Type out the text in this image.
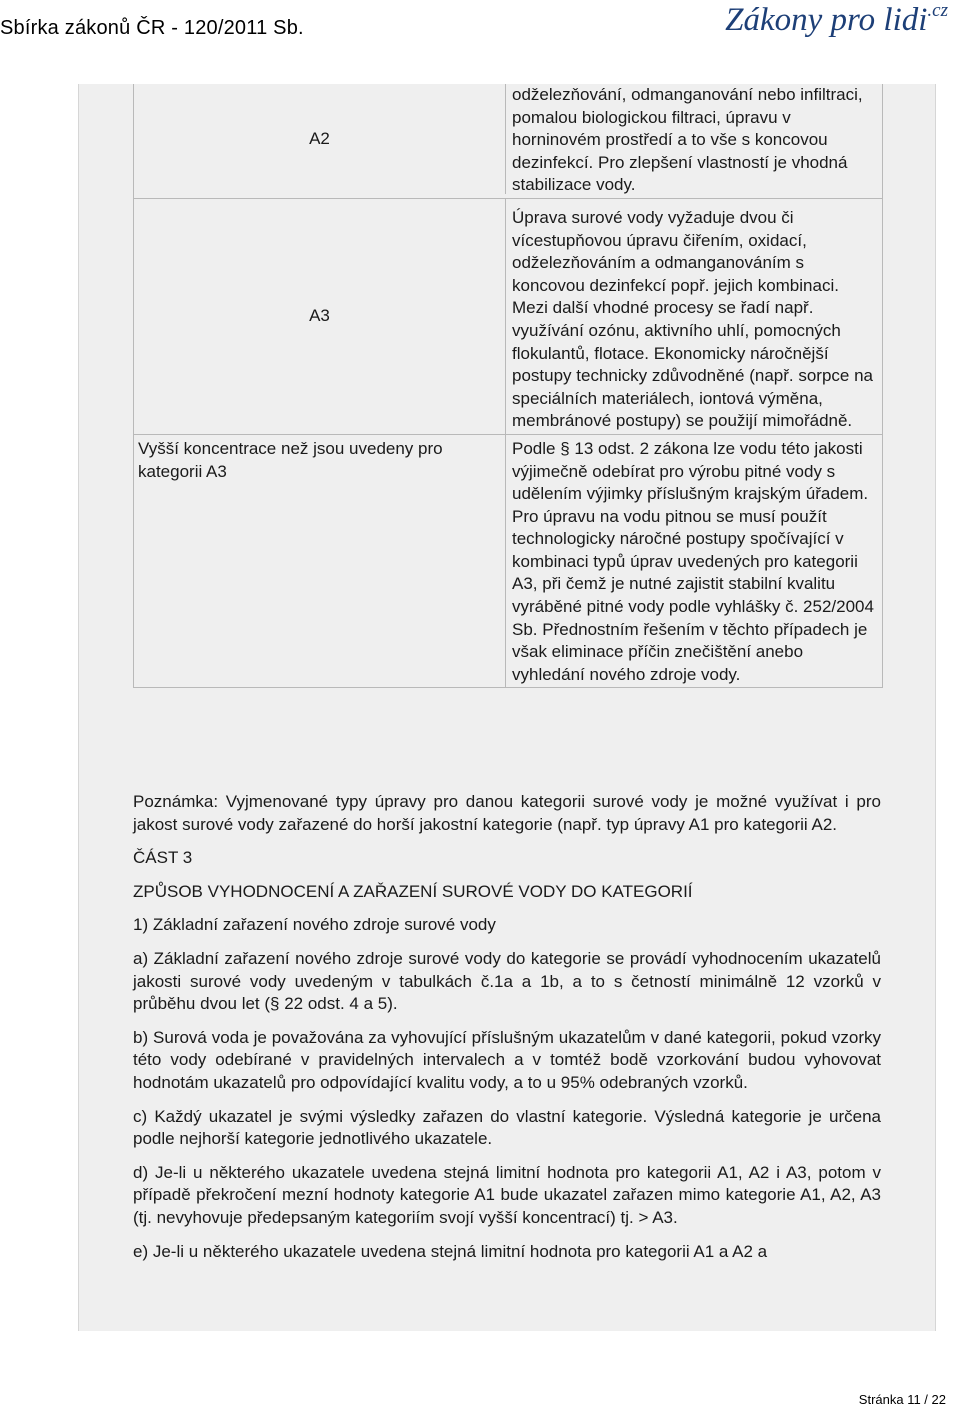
Sbírka zákonů ČR - 120/2011 Sb.	Zákony pro lidi$^{.cz}$
A2
odželezňování, odmanganování nebo infiltraci, pomalou biologickou filtraci, úpravu v horninovém prostředí a to vše s koncovou dezinfekcí. Pro zlepšení vlastností je vhodná stabilizace vody.
A3
Úprava surové vody vyžaduje dvou či vícestupňovou úpravu čiřením, oxidací, odželezňováním a odmanganováním s koncovou dezinfekcí popř. jejich kombinaci. Mezi další vhodné procesy se řadí např. využívání ozónu, aktivního uhlí, pomocných flokulantů, flotace. Ekonomicky náročnější postupy technicky zdůvodněné (např. sorpce na speciálních materiálech, iontová výměna, membránové postupy) se použijí mimořádně.
Vyšší koncentrace než jsou uvedeny pro kategorii A3
Podle § 13 odst. 2 zákona lze vodu této jakosti výjimečně odebírat pro výrobu pitné vody s udělením výjimky příslušným krajským úřadem. Pro úpravu na vodu pitnou se musí použít technologicky náročné postupy spočívající v kombinaci typů úprav uvedených pro kategorii A3, při čemž je nutné zajistit stabilní kvalitu vyráběné pitné vody podle vyhlášky č. 252/2004 Sb. Přednostním řešením v těchto případech je však eliminace příčin znečištění anebo vyhledání nového zdroje vody.

Poznámka: Vyjmenované typy úpravy pro danou kategorii surové vody je možné využívat i pro jakost surové vody zařazené do horší jakostní kategorie (např. typ úpravy A1 pro kategorii A2.

ČÁST 3

ZPŮSOB VYHODNOCENÍ A ZAŘAZENÍ SUROVÉ VODY DO KATEGORIÍ

1) Základní zařazení nového zdroje surové vody

a) Základní zařazení nového zdroje surové vody do kategorie se provádí vyhodnocením ukazatelů jakosti surové vody uvedeným v tabulkách č.1a a 1b, a to s četností minimálně 12 vzorků v průběhu dvou let (§ 22 odst. 4 a 5).

b) Surová voda je považována za vyhovující příslušným ukazatelům v dané kategorii, pokud vzorky této vody odebírané v pravidelných intervalech a v tomtéž bodě vzorkování budou vyhovovat hodnotám ukazatelů pro odpovídající kvalitu vody, a to u 95% odebraných vzorků.

c) Každý ukazatel je svými výsledky zařazen do vlastní kategorie. Výsledná kategorie je určena podle nejhorší kategorie jednotlivého ukazatele.

d) Je-li u některého ukazatele uvedena stejná limitní hodnota pro kategorii A1, A2 i A3, potom v případě překročení mezní hodnoty kategorie A1 bude ukazatel zařazen mimo kategorie A1, A2, A3 (tj. nevyhovuje předepsaným kategoriím svojí vyšší koncentrací) tj. > A3.

e) Je-li u některého ukazatele uvedena stejná limitní hodnota pro kategorii A1 a A2 a

Stránka 11 / 22
